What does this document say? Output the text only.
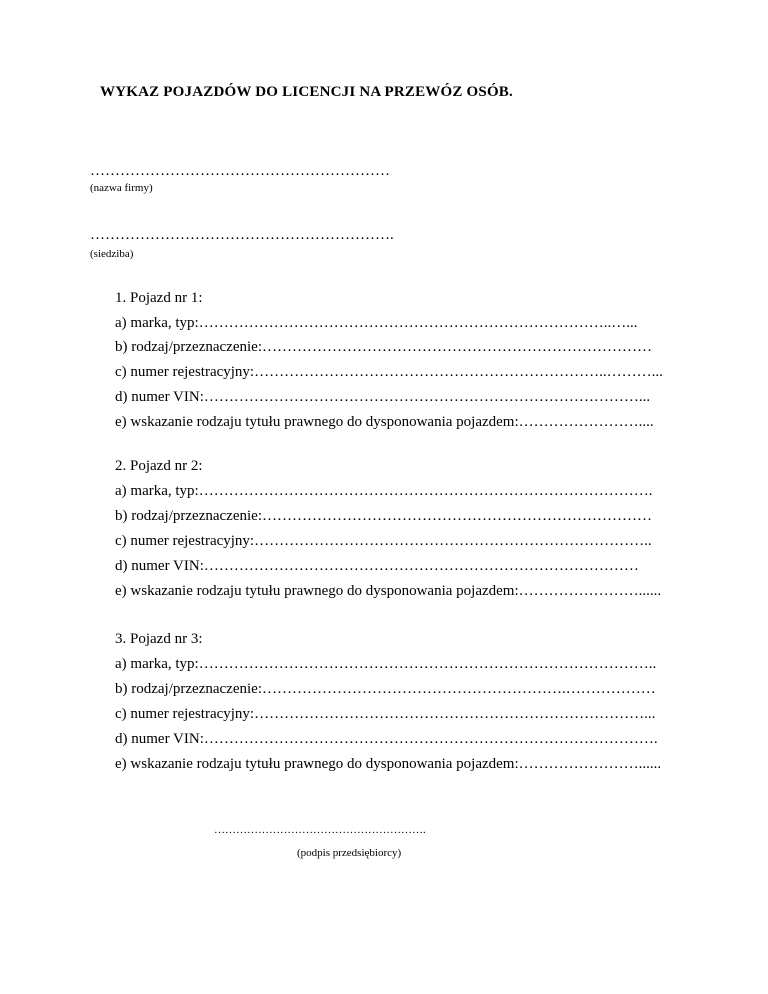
WYKAZ POJAZDÓW DO LICENCJI NA PRZEWÓZ OSÓB.
……………………………………………………
(nazwa firmy)
…………………………………………………….
(siedziba)
1. Pojazd nr 1:
a) marka, typ:………………………………………………………………………..…...
b) rodzaj/przeznaczenie:……………………………………………………………………
c) numer rejestracyjny:……………………………………………………………..………...
d) numer VIN:……………………………………………………………………………...
e) wskazanie rodzaju tytułu prawnego do dysponowania pojazdem:……………………....
2. Pojazd nr 2:
a) marka, typ:……………………………………………………………………………….
b) rodzaj/przeznaczenie:……………………………………………………………………
c) numer rejestracyjny:……………………………………………………………………..
d) numer VIN:……………………………………………………………………………
e) wskazanie rodzaju tytułu prawnego do dysponowania pojazdem:……………………......
3. Pojazd nr 3:
a) marka, typ:………………………………………………………………………………..
b) rodzaj/przeznaczenie:…………………………………………………….………………
c) numer rejestracyjny:……………………………………………………………………...
d) numer VIN:……………………………………………………………………………….
e) wskazanie rodzaju tytułu prawnego do dysponowania pojazdem:……………………......
………………………………………………….
(podpis przedsiębiorcy)
